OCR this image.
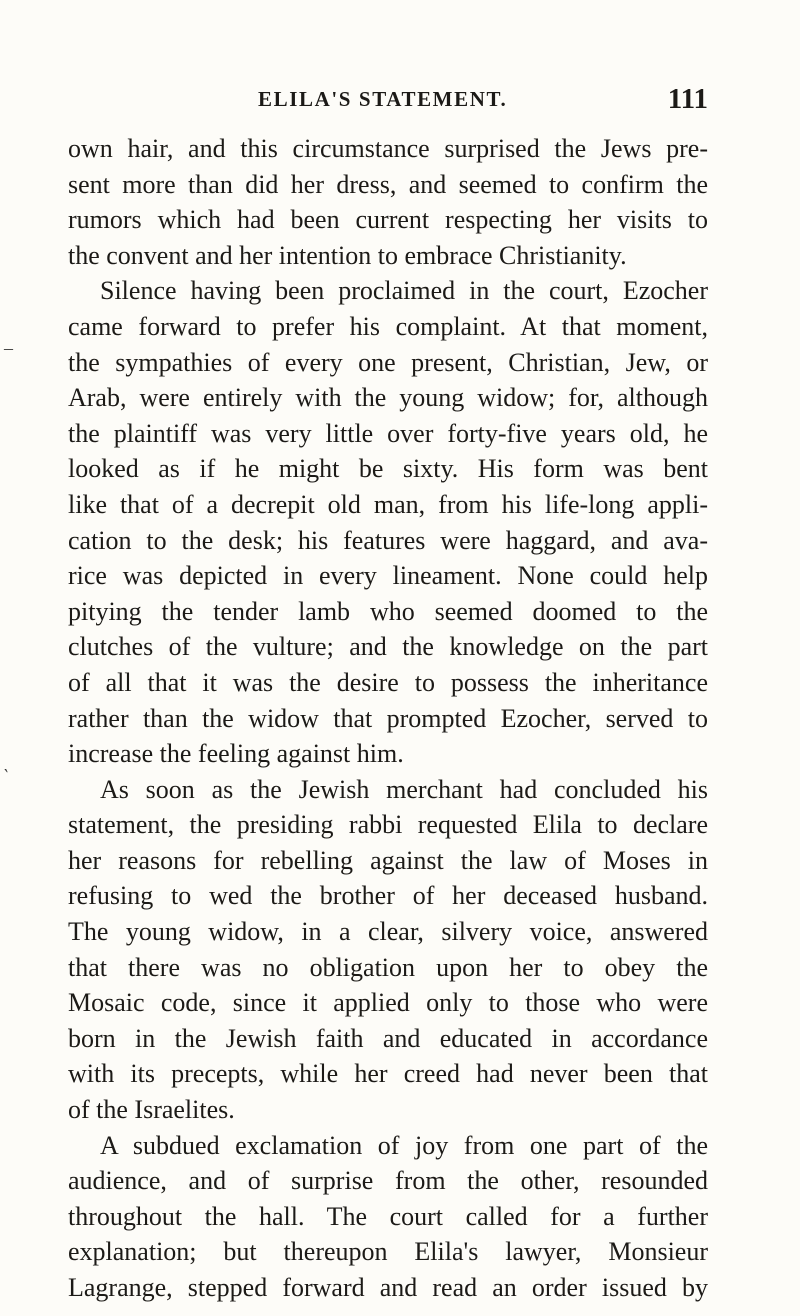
ELILA'S STATEMENT.	111
–
‵
own hair, and this circumstance surprised the Jews pre-
sent more than did her dress, and seemed to confirm the
rumors which had been current respecting her visits to
the convent and her intention to embrace Christianity.
Silence having been proclaimed in the court, Ezocher
came forward to prefer his complaint. At that moment,
the sympathies of every one present, Christian, Jew, or
Arab, were entirely with the young widow; for, although
the plaintiff was very little over forty-five years old, he
looked as if he might be sixty. His form was bent
like that of a decrepit old man, from his life-long appli-
cation to the desk; his features were haggard, and ava-
rice was depicted in every lineament. None could help
pitying the tender lamb who seemed doomed to the
clutches of the vulture; and the knowledge on the part
of all that it was the desire to possess the inheritance
rather than the widow that prompted Ezocher, served to
increase the feeling against him.
As soon as the Jewish merchant had concluded his
statement, the presiding rabbi requested Elila to declare
her reasons for rebelling against the law of Moses in
refusing to wed the brother of her deceased husband.
The young widow, in a clear, silvery voice, answered
that there was no obligation upon her to obey the
Mosaic code, since it applied only to those who were
born in the Jewish faith and educated in accordance
with its precepts, while her creed had never been that
of the Israelites.
A subdued exclamation of joy from one part of the
audience, and of surprise from the other, resounded
throughout the hall. The court called for a further
explanation; but thereupon Elila's lawyer, Monsieur
Lagrange, stepped forward and read an order issued by
